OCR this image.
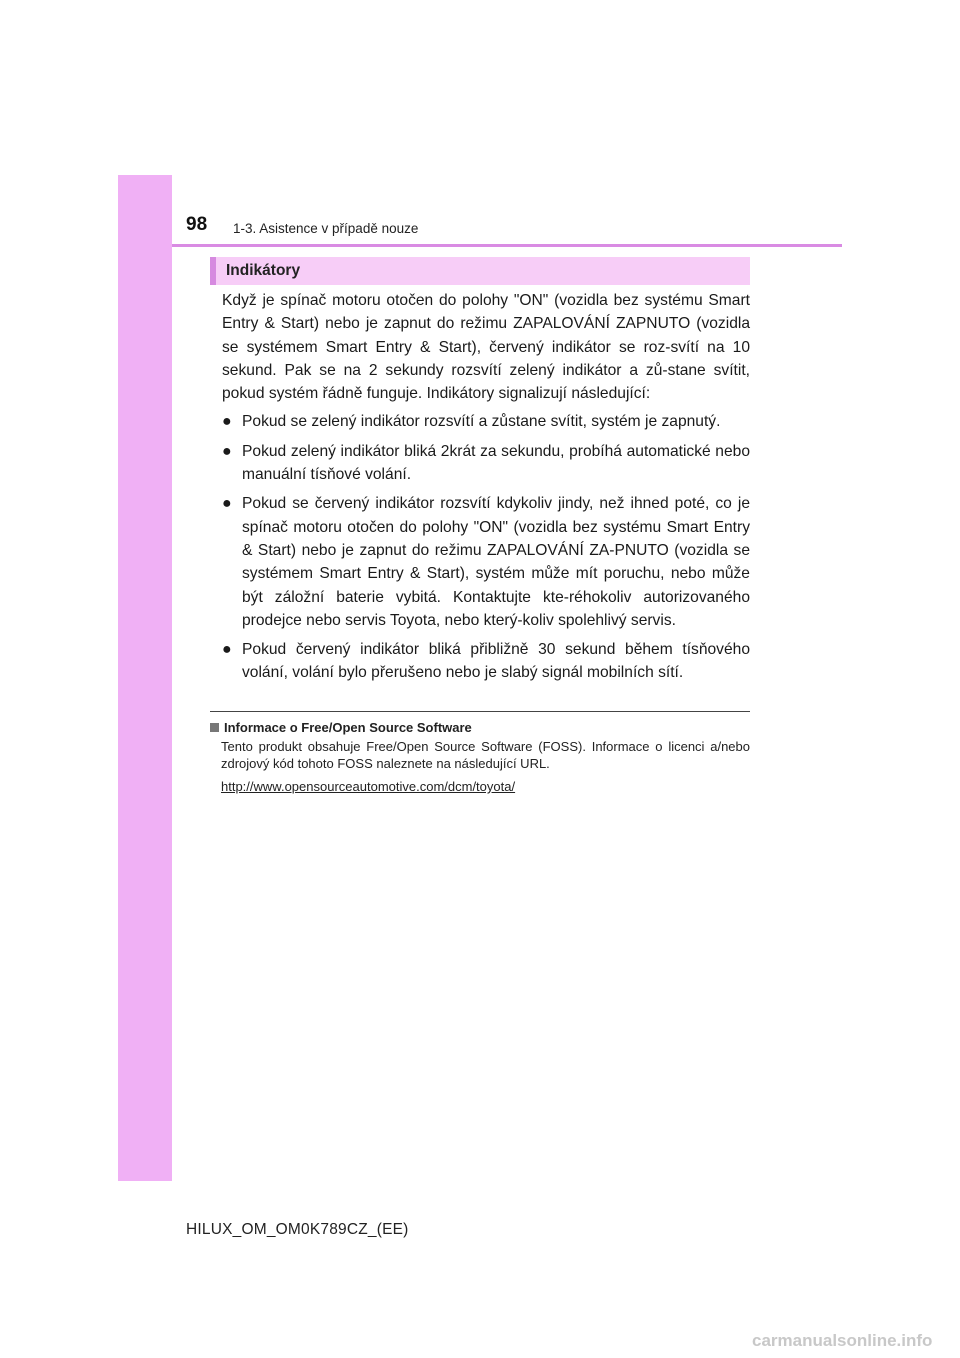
98 1-3. Asistence v případě nouze
Indikátory

Když je spínač motoru otočen do polohy "ON" (vozidla bez systému Smart Entry & Start) nebo je zapnut do režimu ZAPALOVÁNÍ ZAPNUTO (vozidla se systémem Smart Entry & Start), červený indikátor se roz-svítí na 10 sekund. Pak se na 2 sekundy rozsvítí zelený indikátor a zů-stane svítit, pokud systém řádně funguje. Indikátory signalizují následující:

● Pokud se zelený indikátor rozsvítí a zůstane svítit, systém je zapnutý.
● Pokud zelený indikátor bliká 2krát za sekundu, probíhá automatické nebo manuální tísňové volání.
● Pokud se červený indikátor rozsvítí kdykoliv jindy, než ihned poté, co je spínač motoru otočen do polohy "ON" (vozidla bez systému Smart Entry & Start) nebo je zapnut do režimu ZAPALOVÁNÍ ZA-PNUTO (vozidla se systémem Smart Entry & Start), systém může mít poruchu, nebo může být záložní baterie vybitá. Kontaktujte kte-réhokoliv autorizovaného prodejce nebo servis Toyota, nebo který-koliv spolehlivý servis.
● Pokud červený indikátor bliká přibližně 30 sekund během tísňového volání, volání bylo přerušeno nebo je slabý signál mobilních sítí.
Informace o Free/Open Source Software
Tento produkt obsahuje Free/Open Source Software (FOSS). Informace o licenci a/nebo zdrojový kód tohoto FOSS naleznete na následující URL.
http://www.opensourceautomotive.com/dcm/toyota/
HILUX_OM_OM0K789CZ_(EE)
carmanualsonline.info
